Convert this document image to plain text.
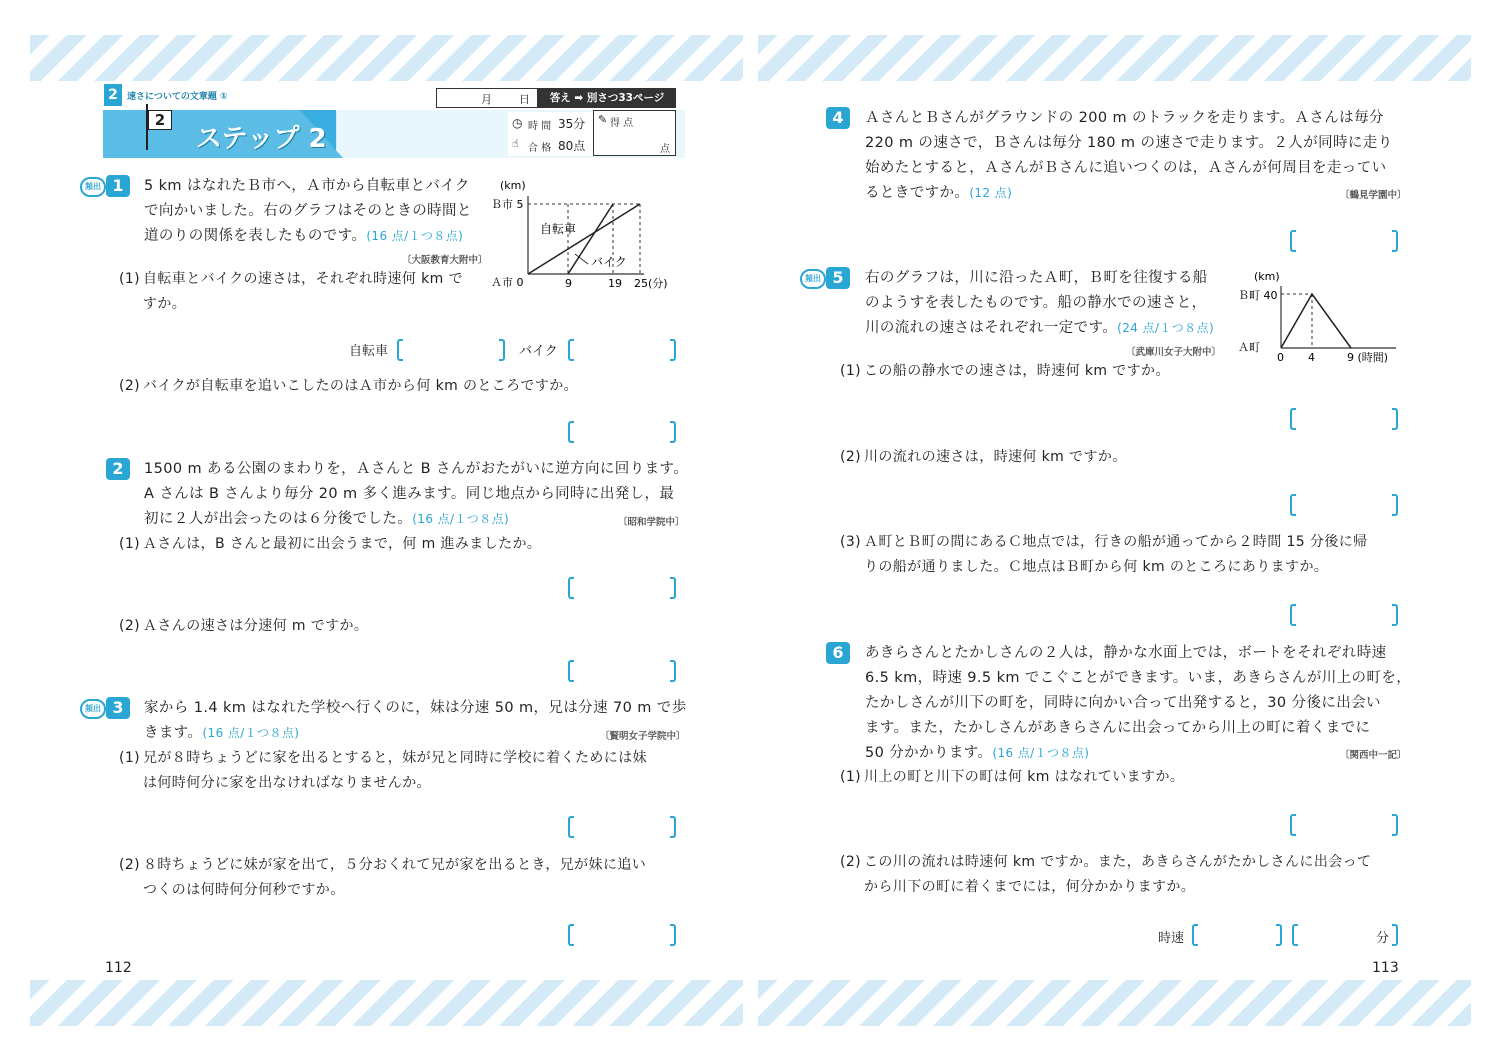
2	速さについての文章題 ①	月 日	答え ➡ 別さつ33ページ
2
ステップ 2
◷ 時 間 35分
☝ 合 格 80点
✎ 得 点
点
頻出 1	5 km はなれたＢ市へ，Ａ市から自転車とバイク
で向かいました。右のグラフはそのときの時間と
道のりの関係を表したものです。(16 点/１つ８点)
〔大阪教育大附中〕
(km)
Ｂ市 5
Ａ市 0
自転車
バイク
9	19 25(分)
(1) 自転車とバイクの速さは，それぞれ時速何 km で
すか。
自転車	バイク
(2) バイクが自転車を追いこしたのはＡ市から何 km のところですか。
2	1500 m ある公園のまわりを，Ａさんと B さんがおたがいに逆方向に回ります。
A さんは B さんより毎分 20 m 多く進みます。同じ地点から同時に出発し，最
初に２人が出会ったのは６分後でした。(16 点/１つ８点)	〔昭和学院中〕
(1) Ａさんは，B さんと最初に出会うまで，何 m 進みましたか。
(2) Ａさんの速さは分速何 m ですか。
頻出 3	家から 1.4 km はなれた学校へ行くのに，妹は分速 50 m，兄は分速 70 m で歩
きます。(16 点/１つ８点)	〔賢明女子学院中〕
(1) 兄が８時ちょうどに家を出るとすると，妹が兄と同時に学校に着くためには妹
は何時何分に家を出なければなりませんか。
(2) ８時ちょうどに妹が家を出て，５分おくれて兄が家を出るとき，兄が妹に追い
つくのは何時何分何秒ですか。
112
4	ＡさんとＢさんがグラウンドの 200 m のトラックを走ります。Ａさんは毎分
220 m の速さで，Ｂさんは毎分 180 m の速さで走ります。２人が同時に走り
始めたとすると，ＡさんがＢさんに追いつくのは，Ａさんが何周目を走ってい
るときですか。(12 点)	〔鶴見学園中〕
頻出 5	右のグラフは，川に沿ったＡ町，Ｂ町を往復する船
のようすを表したものです。船の静水での速さと，
川の流れの速さはそれぞれ一定です。(24 点/１つ８点)
〔武庫川女子大附中〕
(km)
Ｂ町 40
Ａ町
0 4	9 (時間)
(1) この船の静水での速さは，時速何 km ですか。
(2) 川の流れの速さは，時速何 km ですか。
(3) Ａ町とＢ町の間にあるＣ地点では，行きの船が通ってから２時間 15 分後に帰
りの船が通りました。Ｃ地点はＢ町から何 km のところにありますか。
6	あきらさんとたかしさんの２人は，静かな水面上では，ボートをそれぞれ時速
6.5 km，時速 9.5 km でこぐことができます。いま，あきらさんが川上の町を，
たかしさんが川下の町を，同時に向かい合って出発すると，30 分後に出会い
ます。また，たかしさんがあきらさんに出会ってから川上の町に着くまでに
50 分かかります。(16 点/１つ８点)	〔関西中一記〕
(1) 川上の町と川下の町は何 km はなれていますか。
(2) この川の流れは時速何 km ですか。また，あきらさんがたかしさんに出会って
から川下の町に着くまでには，何分かかりますか。
時速	分
113
